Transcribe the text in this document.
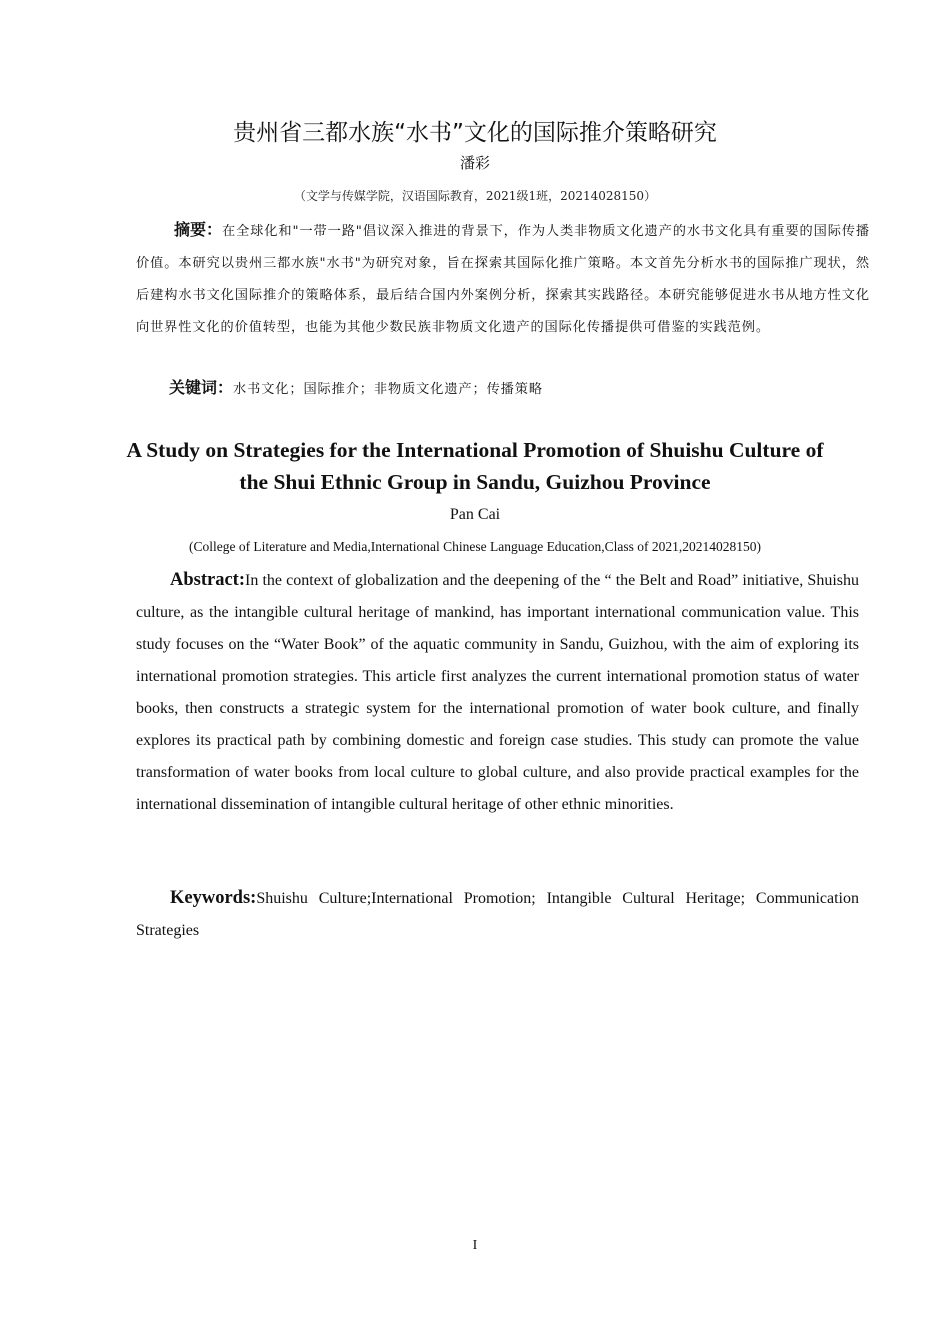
贵州省三都水族“水书”文化的国际推介策略研究
潘彩
（文学与传媒学院，汉语国际教育，2021级1班，20214028150）

摘要：在全球化和"一带一路"倡议深入推进的背景下，作为人类非物质文化遗产的水书文化具有重要的国际传播价值。本研究以贵州三都水族"水书"为研究对象，旨在探索其国际化推广策略。本文首先分析水书的国际推广现状，然后建构水书文化国际推介的策略体系，最后结合国内外案例分析，探索其实践路径。本研究能够促进水书从地方性文化向世界性文化的价值转型，也能为其他少数民族非物质文化遗产的国际化传播提供可借鉴的实践范例。

关键词：水书文化；国际推介；非物质文化遗产；传播策略

A Study on Strategies for the International Promotion of Shuishu Culture of the Shui Ethnic Group in Sandu, Guizhou Province
Pan Cai
(College of Literature and Media,International Chinese Language Education,Class of 2021,20214028150)

Abstract:In the context of globalization and the deepening of the “ the Belt and Road” initiative, Shuishu culture, as the intangible cultural heritage of mankind, has important international communication value. This study focuses on the “Water Book” of the aquatic community in Sandu, Guizhou, with the aim of exploring its international promotion strategies. This article first analyzes the current international promotion status of water books, then constructs a strategic system for the international promotion of water book culture, and finally explores its practical path by combining domestic and foreign case studies. This study can promote the value transformation of water books from local culture to global culture, and also provide practical examples for the international dissemination of intangible cultural heritage of other ethnic minorities.

Keywords:Shuishu Culture;International Promotion; Intangible Cultural Heritage; Communication Strategies

I
